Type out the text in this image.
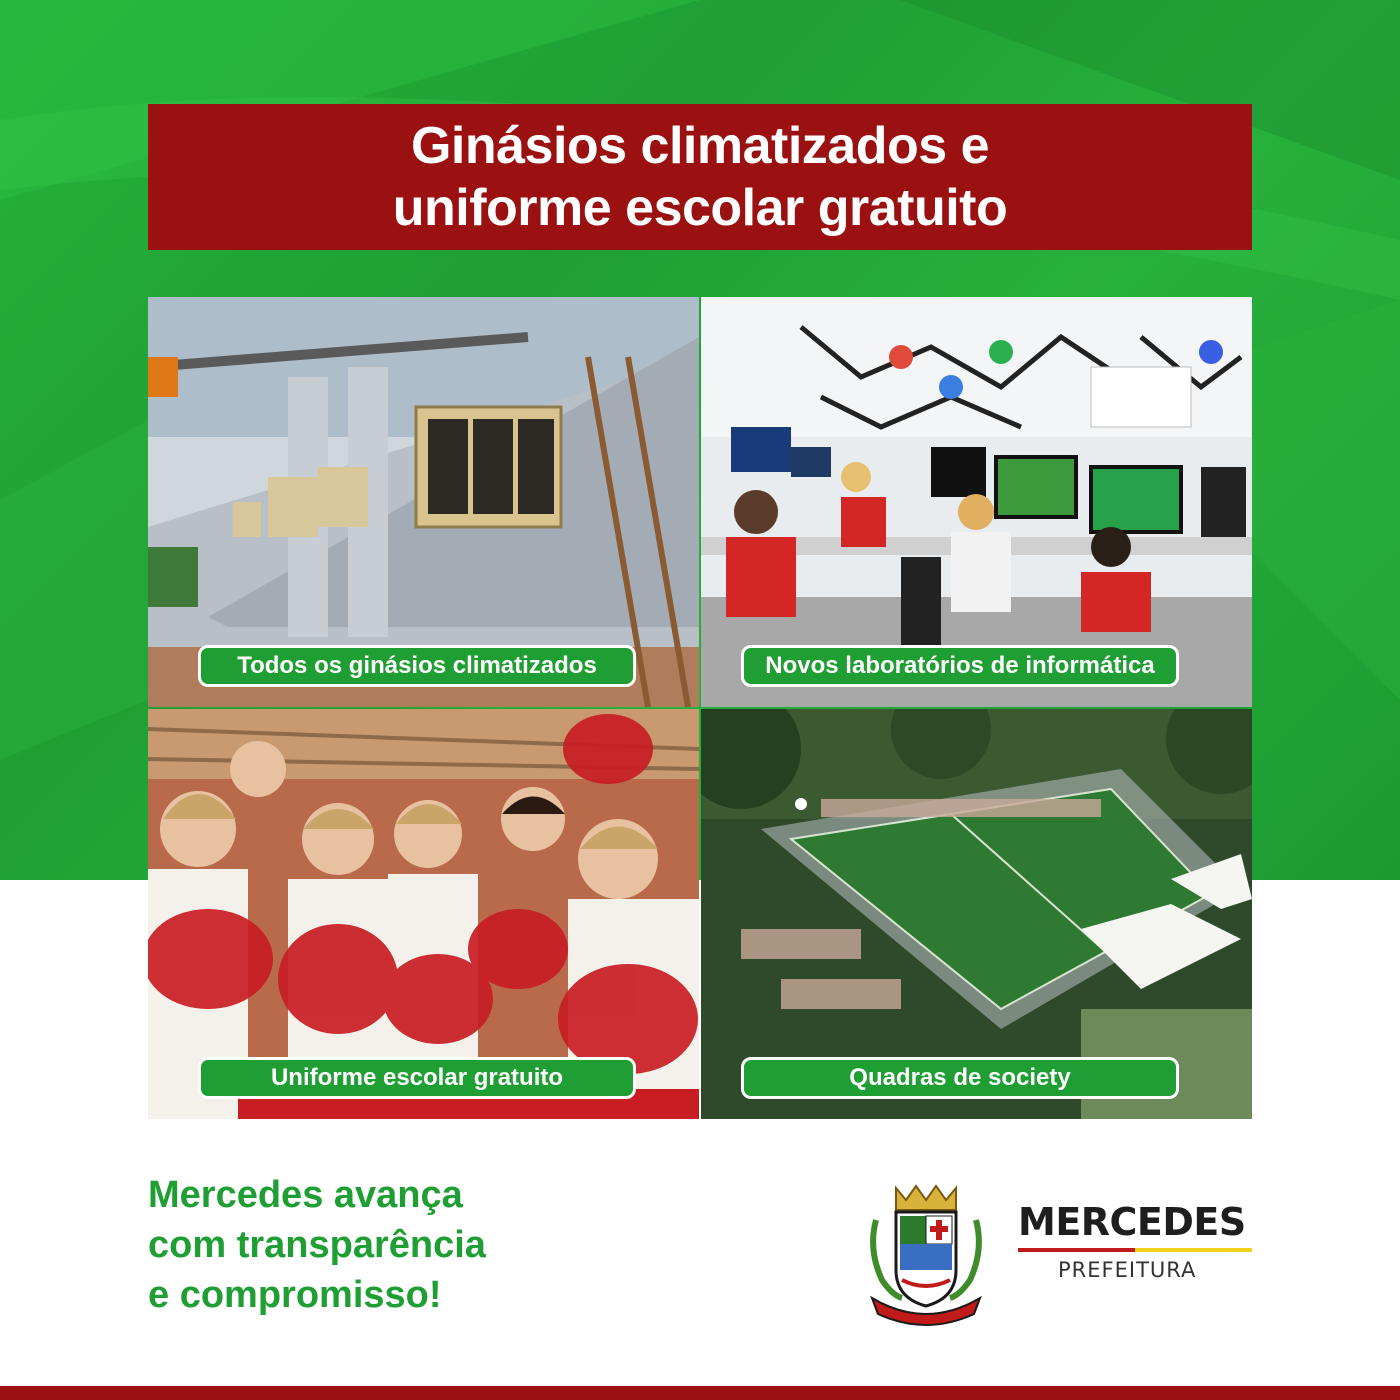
Ginásios climatizados e
uniforme escolar gratuito
Todos os ginásios climatizados	Novos laboratórios de informática
Uniforme escolar gratuito	Quadras de society
Mercedes avança
com transparência
e compromisso!
MERCEDES
PREFEITURA
